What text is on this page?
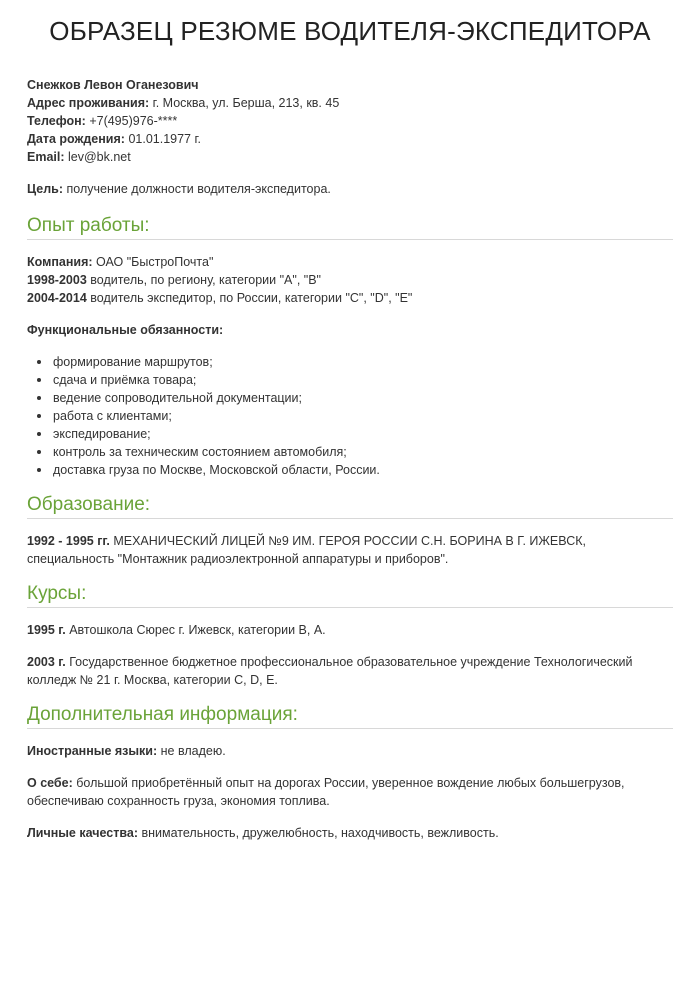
ОБРАЗЕЦ РЕЗЮМЕ ВОДИТЕЛЯ-ЭКСПЕДИТОРА
Снежков Левон Оганезович
Адрес проживания: г. Москва, ул. Берша, 213, кв. 45
Телефон: +7(495)976-****
Дата рождения: 01.01.1977 г.
Email: lev@bk.net
Цель: получение должности водителя-экспедитора.
Опыт работы:
Компания: ОАО "БыстроПочта"
1998-2003 водитель, по региону, категории "А", "В"
2004-2014 водитель экспедитор, по России, категории "С", "D", "Е"
Функциональные обязанности:
формирование маршрутов;
сдача и приёмка товара;
ведение сопроводительной документации;
работа с клиентами;
экспедирование;
контроль за техническим состоянием автомобиля;
доставка груза по Москве, Московской области, России.
Образование:
1992 - 1995 гг. МЕХАНИЧЕСКИЙ ЛИЦЕЙ №9 ИМ. ГЕРОЯ РОССИИ С.Н. БОРИНА В Г. ИЖЕВСК, специальность "Монтажник радиоэлектронной аппаратуры и приборов".
Курсы:
1995 г. Автошкола Сюрес г. Ижевск, категории В, А.
2003 г. Государственное бюджетное профессиональное образовательное учреждение Технологический колледж № 21 г. Москва, категории С, D, Е.
Дополнительная информация:
Иностранные языки: не владею.
О себе: большой приобретённый опыт на дорогах России, уверенное вождение любых большегрузов, обеспечиваю сохранность груза, экономия топлива.
Личные качества: внимательность, дружелюбность, находчивость, вежливость.
